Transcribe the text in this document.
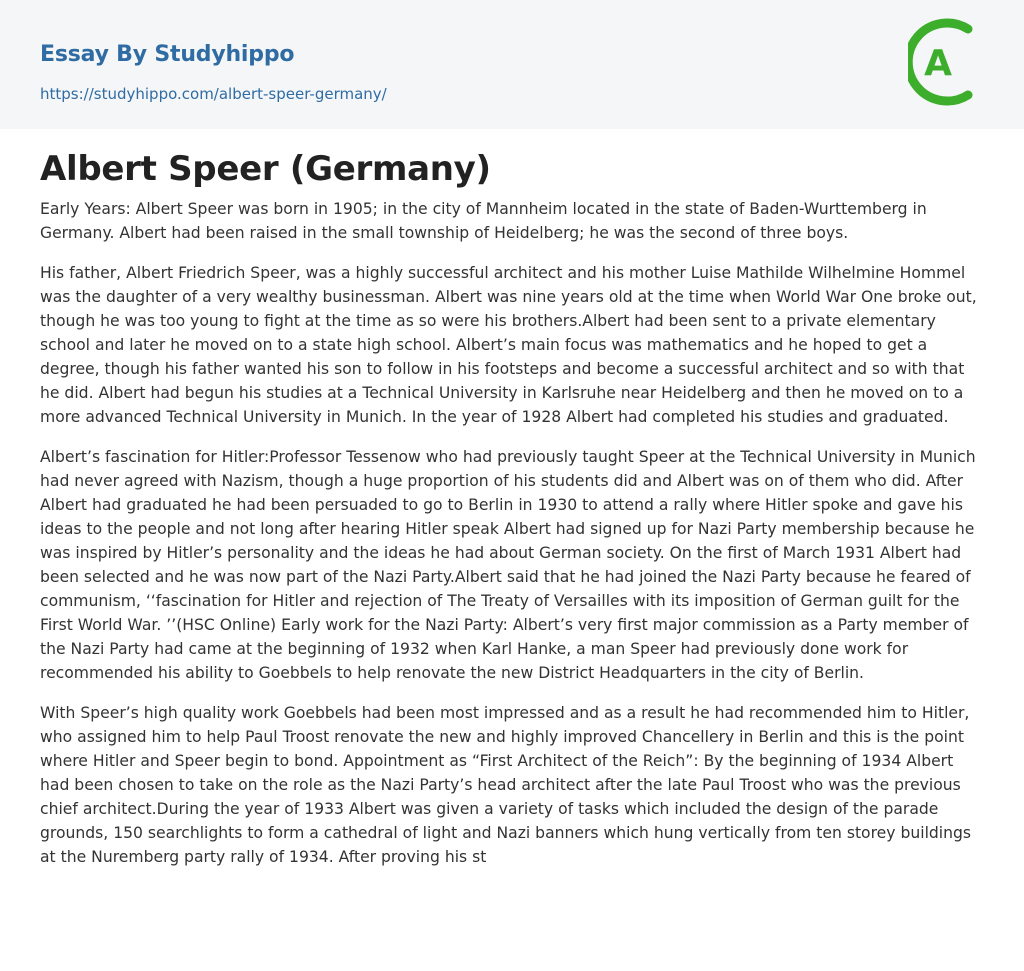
Essay By Studyhippo
https://studyhippo.com/albert-speer-germany/
A
Albert Speer (Germany)

Early Years: Albert Speer was born in 1905; in the city of Mannheim located in the state of Baden-Wurttemberg in Germany. Albert had been raised in the small township of Heidelberg; he was the second of three boys.

His father, Albert Friedrich Speer, was a highly successful architect and his mother Luise Mathilde Wilhelmine Hommel was the daughter of a very wealthy businessman. Albert was nine years old at the time when World War One broke out, though he was too young to fight at the time as so were his brothers.Albert had been sent to a private elementary school and later he moved on to a state high school. Albert’s main focus was mathematics and he hoped to get a degree, though his father wanted his son to follow in his footsteps and become a successful architect and so with that he did. Albert had begun his studies at a Technical University in Karlsruhe near Heidelberg and then he moved on to a more advanced Technical University in Munich. In the year of 1928 Albert had completed his studies and graduated.

Albert’s fascination for Hitler:Professor Tessenow who had previously taught Speer at the Technical University in Munich had never agreed with Nazism, though a huge proportion of his students did and Albert was on of them who did. After Albert had graduated he had been persuaded to go to Berlin in 1930 to attend a rally where Hitler spoke and gave his ideas to the people and not long after hearing Hitler speak Albert had signed up for Nazi Party membership because he was inspired by Hitler’s personality and the ideas he had about German society. On the first of March 1931 Albert had been selected and he was now part of the Nazi Party.Albert said that he had joined the Nazi Party because he feared of communism, ‘‘fascination for Hitler and rejection of The Treaty of Versailles with its imposition of German guilt for the First World War. ’’(HSC Online) Early work for the Nazi Party: Albert’s very first major commission as a Party member of the Nazi Party had came at the beginning of 1932 when Karl Hanke, a man Speer had previously done work for recommended his ability to Goebbels to help renovate the new District Headquarters in the city of Berlin.

With Speer’s high quality work Goebbels had been most impressed and as a result he had recommended him to Hitler, who assigned him to help Paul Troost renovate the new and highly improved Chancellery in Berlin and this is the point where Hitler and Speer begin to bond. Appointment as “First Architect of the Reich”: By the beginning of 1934 Albert had been chosen to take on the role as the Nazi Party’s head architect after the late Paul Troost who was the previous chief architect.During the year of 1933 Albert was given a variety of tasks which included the design of the parade grounds, 150 searchlights to form a cathedral of light and Nazi banners which hung vertically from ten storey buildings at the Nuremberg party rally of 1934. After proving his st
